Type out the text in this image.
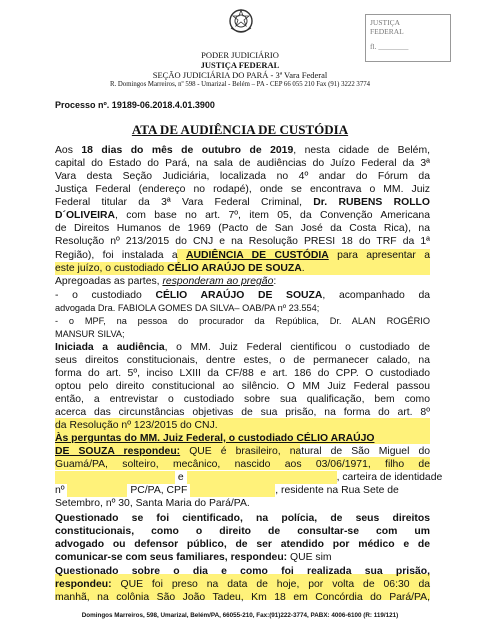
JUSTIÇA
FEDERAL
fl. ________
PODER JUDICIÁRIO
JUSTIÇA FEDERAL
SEÇÃO JUDICIÁRIA DO PARÁ - 3ª Vara Federal
R. Domingos Marreiros, nº 598 - Umarizal - Belém – PA - CEP 66 055 210 Fax (91) 3222 3774
Processo nº. 19189-06.2018.4.01.3900
ATA DE AUDIÊNCIA DE CUSTÓDIA
Aos 18 dias do mês de outubro de 2019, nesta cidade de Belém,
capital do Estado do Pará, na sala de audiências do Juízo Federal da 3ª
Vara desta Seção Judiciária, localizada no 4º andar do Fórum da
Justiça Federal (endereço no rodapé), onde se encontrava o MM. Juiz
Federal titular da 3ª Vara Federal Criminal, Dr. RUBENS ROLLO
D´OLIVEIRA, com base no art. 7º, item 05, da Convenção Americana
de Direitos Humanos de 1969 (Pacto de San José da Costa Rica), na
Resolução nº 213/2015 do CNJ e na Resolução PRESI 18 do TRF da 1ª
Região), foi instalada a AUDIÊNCIA DE CUSTÓDIA para apresentar a
este juízo, o custodiado CÉLIO ARAÚJO DE SOUZA.
Apregoadas as partes, responderam ao pregão:
- o custodiado CÉLIO ARAÚJO DE SOUZA, acompanhado da
advogada Dra. FABIOLA GOMES DA SILVA– OAB/PA nº 23.554;
- o MPF, na pessoa do procurador da República, Dr. ALAN ROGÉRIO
MANSUR SILVA;
Iniciada a audiência, o MM. Juiz Federal cientificou o custodiado de
seus direitos constitucionais, dentre estes, o de permanecer calado, na
forma do art. 5º, inciso LXIII da CF/88 e art. 186 do CPP. O custodiado
optou pelo direito constitucional ao silêncio. O MM Juiz Federal passou
então, a entrevistar o custodiado sobre sua qualificação, bem como
acerca das circunstâncias objetivas de sua prisão, na forma do art. 8º
da Resolução nº 123/2015 do CNJ.
Às perguntas do MM. Juiz Federal, o custodiado CÉLIO ARAÚJO
DE SOUZA respondeu: QUE é brasileiro, natural de São Miguel do
Guamá/PA, solteiro, mecânico, nascido aos 03/06/1971, filho de
e	, carteira de identidade
nº	PC/PA, CPF	, residente na Rua Sete de
Setembro, nº 30, Santa Maria do Pará/PA.
Questionado se foi cientificado, na polícia, de seus direitos
constitucionais, como o direito de consultar-se com um
advogado ou defensor público, de ser atendido por médico e de
comunicar-se com seus familiares, respondeu: QUE sim
Questionado sobre o dia e como foi realizada sua prisão,
respondeu: QUE foi preso na data de hoje, por volta de 06:30 da
manhã, na colônia São João Tadeu, Km 18 em Concórdia do Pará/PA,
Domingos Marreiros, 598, Umarizal, Belém/PA, 66055-210, Fax:(91)222-3774, PABX: 4006-6100 (R: 119/121)
